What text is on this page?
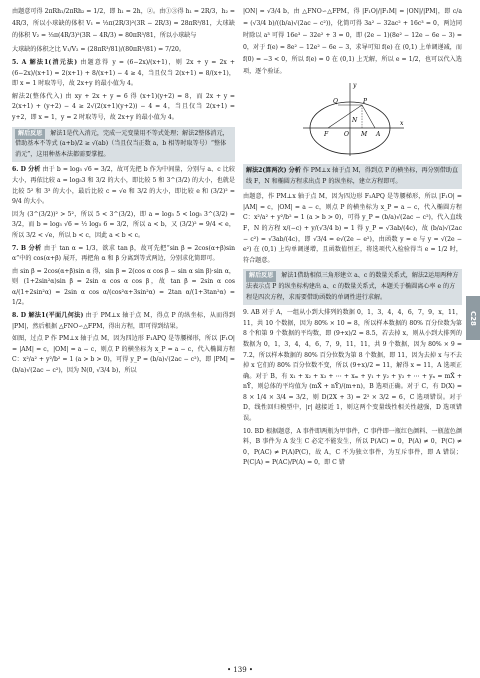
由题意可得 2πRh₁/2πRh₂ = 1/2，即 h₁ = 2h，②。由①③得 h₁ = 2R/3，h₂ = 4R/3，所以小球缺的体积 V₁ = ⅓π(2R/3)²(3R − 2R/3) = 28πR³/81，大球缺的体积 V₂ = ⅓π(4R/3)²(3R − 4R/3) = 80πR³/81，所以小球缺与

大球缺的体积之比 V₁/V₂ = (28πR³/81)/(80πR³/81) = 7/20。

5. A 解法1(消元法) 由题意得 y = (6−2x)/(x+1)，则 2x + y = 2x + (6−2x)/(x+1) = 2(x+1) + 8/(x+1) − 4 ≥ 4，当且仅当 2(x+1) = 8/(x+1)，即 x = 1 时取等号，故 2x+y 的最小值为 4。

解法2(整体代入) 由 xy + 2x + y = 6 得 (x+1)(y+2) = 8，而 2x + y = 2(x+1) + (y+2) − 4 ≥ 2√(2(x+1)(y+2)) − 4 = 4，当且仅当 2(x+1) = y+2，即 x = 1，y = 2 时取等号，故 2x+y 的最小值为 4。

解后反思 解法1是代入消元，完成一元变量用不等式处理；解法2整体消元，借助基本不等式 (a+b)/2 ≥ √(ab)（当且仅当正数 a，b 相等时取等号）“整体消元”，这用种基本法都需要掌握。

6. D 分析 由于 b = log₅ √6 = 3/2，故可先把 b 作为中间量，分别与 a、c 比较大小，再依比较 a = log₅3 和 3/2 的大小，即比较 5 和 3^(3/2) 的大小，也就是比较 5² 和 3³ 的大小，最后比较 c = √e 和 3/2 的大小，即比较 e 和 (3/2)² = 9/4 的大小。

因为 (3^(3/2))² > 5²，所以 5 < 3^(3/2)，即 a = log₅ 5 < log₅ 3^(3/2) = 3/2，而 b = log₅ √6 = ½ log₅ 6 = 3/2，所以 a < b，又 (3/2)² = 9/4 < e，所以 3/2 < √e，所以 b < c，因此 a < b < c。

7. B 分析 由于 tan α = 1/3，欲求 tan β，故可先把“sin β = 2cos(α+β)sin α”中的 cos(α+β) 展开，再把角 α 和 β 分离到等式两边，分别求化简即可。

由 sin β = 2cos(α+β)sin α 得，sin β = 2(cos α cos β − sin α sin β)·sin α，则 (1+2sin²α)sin β = 2sin α cos α cos β，故 tan β = 2sin α cos α/(1+2sin²α) = 2sin α cos α/(cos²α+3sin²α) = 2tan α/(1+3tan²α) = 1/2。

8. D 解法1(平面几何法) 由于 PM⊥x 轴于点 M，得点 P 的纵坐标，从而得到 |PM|，然后根据 △FNO∽△FPM，得出方程，即可得到结果。

如图，过点 P 作 PM⊥x 轴于点 M，因为四边形 F₁APQ 是等腰梯形，所以 |F₁O| = |AM| = c，|OM| = a − c，则点 P 的横坐标为 x_P = a − c，代入椭圆方程 C：x²/a² + y²/b² = 1 (a > b > 0)，可得 y_P = (b/a)√(2ac − c²)，即 |PM| = (b/a)√(2ac − c²)，因为 N(0, √3/4 b)，所以

|ON| = √3/4 b，由 △FNO∽△FPM，得 |F₁O|/|F₁M| = |ON|/|PM|，即 c/a = (√3/4 b)/((b/a)√(2ac − c²))，化简可得 3a² − 32ac² + 16c³ = 0，两边同时除以 a³ 可得 16e³ − 32e² + 3 = 0，即 (2e − 1)(8e² − 12e − 6e − 3) = 0，对于 f(e) = 8e² − 12e² − 6e − 3，求导可知 f(e) 在 (0,1) 上单调递减，而 f(0) = −3 < 0，所以 f(e) = 0 在 (0,1) 上无解，所以 e = 1/2，也可以代入选项，逐个验证。

y
x
O
N
P
Q
A
M
F
解法2(算两次) 分析 作 PM⊥x 轴于点 M，得到点 P 的横坐标，再分别借助直线 F，N 和椭圆方程求出点 P 的纵坐标，建立方程即可。

由题意，作 PM⊥x 轴于点 M，因为四边形 F₁APQ 是等腰梯形，所以 |F₁O| = |AM| = c，|OM| = a − c，则点 P 的横坐标为 x_P = a − c，代入椭圆方程 C：x²/a² + y²/b² = 1 (a > b > 0)，可得 y_P = (b/a)√(2ac − c²)，代入直线 F，N 的方程 x/(−c) + y/(√3/4 b) = 1 得 y_P = √3ab/(4c)，故 (b/a)√(2ac − c²) = √3ab/(4c)，即 √3/4 = e√(2e − e²)，由函数 y = e 与 y = √(2e − e²) 在 (0,1) 上均单调递增，且函数值恒正，将选项代入检验得当 e = 1/2 时，符合题意。

解后反思 解法1借助相似三角形建立 a、c 的数量关系式，解法2运用两种方法表示点 P 的纵坐标构建出 a、c 的数量关系式，本题关于椭圆离心率 e 的方程是四次方程，求需要借助函数的单调性进行求解。

9. AB 对于 A，一组从小到大排列的数据 0，1，3，4，4，6，7，9，x，11，11，共 10 个数据，因为 80% × 10 = 8，所以样本数据的 80% 百分位数为第 8 个和第 9 个数据的平均数，即 (9+x)/2 = 8.5，若去掉 x，则从小到大排列的数据为 0，1，3，4，4，6，7，9，11，11，共 9 个数据，因为 80% × 9 = 7.2，所以样本数据的 80% 百分位数为第 8 个数据，即 11，因为去掉 x 与不去掉 x 它们的 80% 百分位数不变，所以 (9+x)/2 = 11，解得 x = 11，A 选项正确。对于 B，有 x₁ + x₂ + x₃ + ⋯ + xₘ + y₁ + y₂ + y₃ + ⋯ + yₙ = mX̄ + nȲ，则总体的平均值为 (mX̄ + nȲ)/(m+n)，B 选项正确。对于 C，有 D(X) = 8 × 1/4 × 3/4 = 3/2，则 D(2X + 3) = 2² × 3/2 = 6，C 选项错误。对于 D，线性回归模型中，|r| 越接近 1，则这两个变量线性相关性越强，D 选项错误。

10. BD 根据题意，A 事件即两瓶为甲事件，C 事件即一瓶红色颜料、一瓶蓝色颜料，B 事件为 A 发生 C 必定不能发生，所以 P(AC) = 0，P(A) ≠ 0，P(C) ≠ 0，P(AC) ≠ P(A)P(C)，故 A，C 不为独立事件，为互斥事件，即 A 错误；P(C|A) = P(AC)/P(A) = 0，即 C 错

C28
• 139 •
